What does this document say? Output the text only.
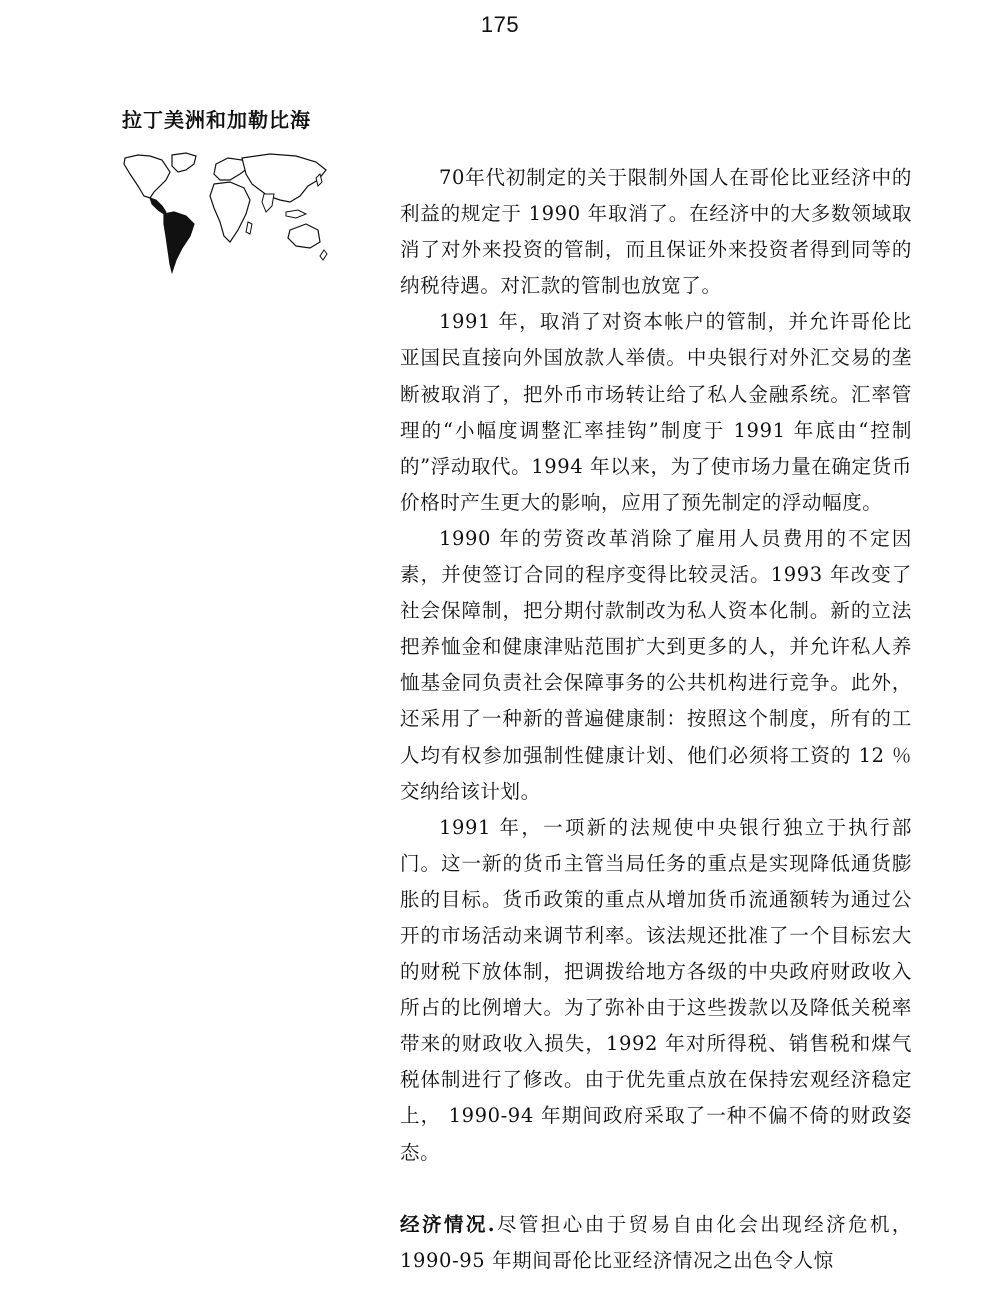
175
拉丁美洲和加勒比海

70年代初制定的关于限制外国人在哥伦比亚经济中的利益的规定于 1990 年取消了。在经济中的大多数领域取消了对外来投资的管制，而且保证外来投资者得到同等的纳税待遇。对汇款的管制也放宽了。

1991 年，取消了对资本帐户的管制，并允许哥伦比亚国民直接向外国放款人举债。中央银行对外汇交易的垄断被取消了，把外币市场转让给了私人金融系统。汇率管理的“小幅度调整汇率挂钩”制度于 1991 年底由“控制的”浮动取代。1994 年以来，为了使市场力量在确定货币价格时产生更大的影响，应用了预先制定的浮动幅度。

1990 年的劳资改革消除了雇用人员费用的不定因素，并使签订合同的程序变得比较灵活。1993 年改变了社会保障制，把分期付款制改为私人资本化制。新的立法把养恤金和健康津贴范围扩大到更多的人，并允许私人养恤基金同负责社会保障事务的公共机构进行竞争。此外，还采用了一种新的普遍健康制：按照这个制度，所有的工人均有权参加强制性健康计划、他们必须将工资的 12 ％交纳给该计划。

1991 年，一项新的法规使中央银行独立于执行部门。这一新的货币主管当局任务的重点是实现降低通货膨胀的目标。货币政策的重点从增加货币流通额转为通过公开的市场活动来调节利率。该法规还批准了一个目标宏大的财税下放体制，把调拨给地方各级的中央政府财政收入所占的比例增大。为了弥补由于这些拨款以及降低关税率带来的财政收入损失，1992 年对所得税、销售税和煤气税体制进行了修改。由于优先重点放在保持宏观经济稳定上， 1990-94 年期间政府采取了一种不偏不倚的财政姿态。

经济情况.尽管担心由于贸易自由化会出现经济危机， 1990-95 年期间哥伦比亚经济情况之出色令人惊
